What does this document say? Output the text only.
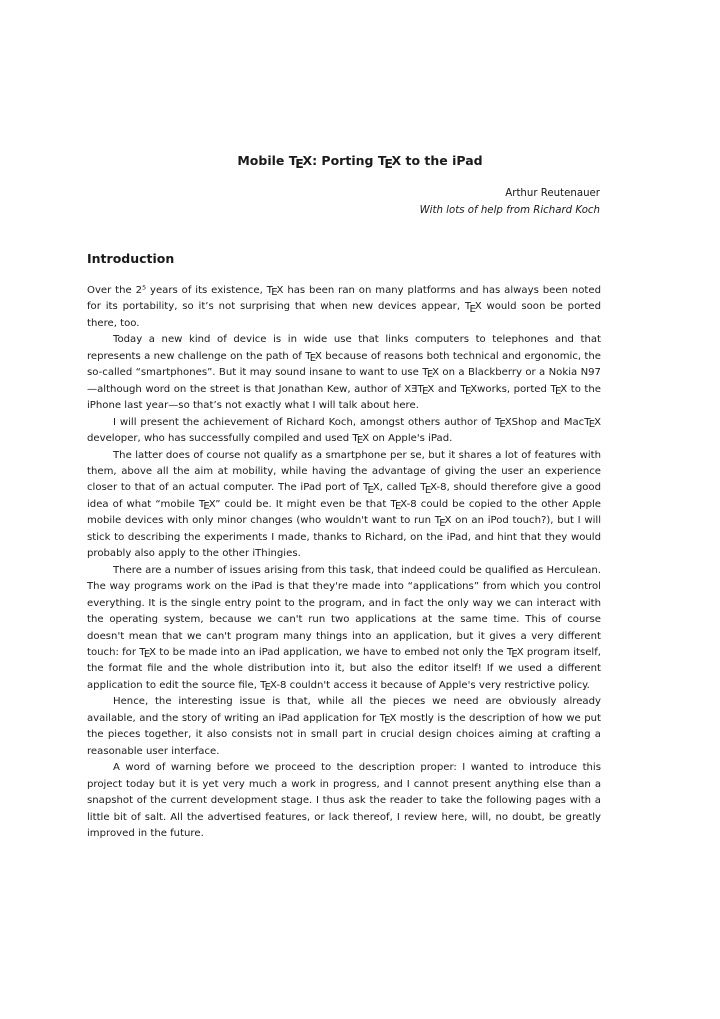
Mobile TEX: Porting TEX to the iPad
Arthur Reutenauer
With lots of help from Richard Koch
Introduction

Over the 2⁵ years of its existence, TEX has been ran on many platforms and has always been noted for its portability, so it’s not surprising that when new devices appear, TEX would soon be ported there, too.

Today a new kind of device is in wide use that links computers to telephones and that represents a new challenge on the path of TEX because of reasons both technical and ergonomic, the so-called “smartphones”. But it may sound insane to want to use TEX on a Blackberry or a Nokia N97—although word on the street is that Jonathan Kew, author of XƎTEX and TEXworks, ported TEX to the iPhone last year—so that’s not exactly what I will talk about here.

I will present the achievement of Richard Koch, amongst others author of TEXShop and MacTEX developer, who has successfully compiled and used TEX on Apple's iPad.

The latter does of course not qualify as a smartphone per se, but it shares a lot of features with them, above all the aim at mobility, while having the advantage of giving the user an experience closer to that of an actual computer. The iPad port of TEX, called TEX-8, should therefore give a good idea of what “mobile TEX” could be. It might even be that TEX-8 could be copied to the other Apple mobile devices with only minor changes (who wouldn't want to run TEX on an iPod touch?), but I will stick to describing the experiments I made, thanks to Richard, on the iPad, and hint that they would probably also apply to the other iThingies.

There are a number of issues arising from this task, that indeed could be qualified as Herculean. The way programs work on the iPad is that they're made into “applications” from which you control everything. It is the single entry point to the program, and in fact the only way we can interact with the operating system, because we can't run two applications at the same time. This of course doesn't mean that we can't program many things into an application, but it gives a very different touch: for TEX to be made into an iPad application, we have to embed not only the TEX program itself, the format file and the whole distribution into it, but also the editor itself! If we used a different application to edit the source file, TEX-8 couldn't access it because of Apple's very restrictive policy.

Hence, the interesting issue is that, while all the pieces we need are obviously already available, and the story of writing an iPad application for TEX mostly is the description of how we put the pieces together, it also consists not in small part in crucial design choices aiming at crafting a reasonable user interface.

A word of warning before we proceed to the description proper: I wanted to introduce this project today but it is yet very much a work in progress, and I cannot present anything else than a snapshot of the current development stage. I thus ask the reader to take the following pages with a little bit of salt. All the advertised features, or lack thereof, I review here, will, no doubt, be greatly improved in the future.
